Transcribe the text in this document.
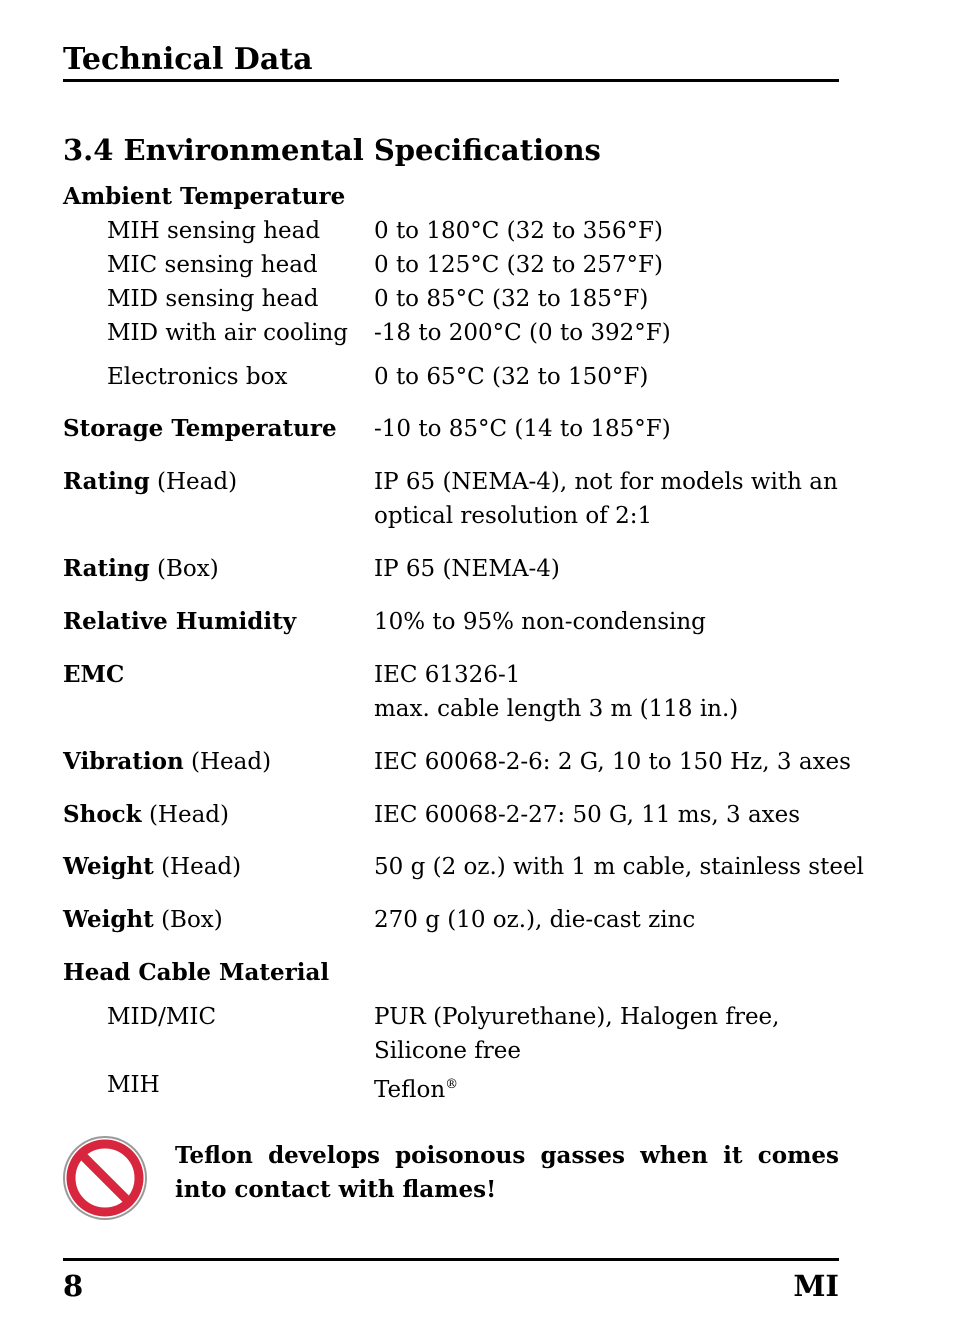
Technical Data
3.4 Environmental Specifications
Ambient Temperature
MIH sensing head 0 to 180°C (32 to 356°F)
MIC sensing head 0 to 125°C (32 to 257°F)
MID sensing head 0 to 85°C (32 to 185°F)
MID with air cooling -18 to 200°C (0 to 392°F)
Electronics box	0 to 65°C (32 to 150°F)
Storage Temperature -10 to 85°C (14 to 185°F)
Rating (Head)	IP 65 (NEMA-4), not for models with an
optical resolution of 2:1
Rating (Box)	IP 65 (NEMA-4)
Relative Humidity	10% to 95% non-condensing
EMC	IEC 61326-1
max. cable length 3 m (118 in.)
Vibration (Head)	IEC 60068-2-6: 2 G, 10 to 150 Hz, 3 axes
Shock (Head)	IEC 60068-2-27: 50 G, 11 ms, 3 axes
Weight (Head)	50 g (2 oz.) with 1 m cable, stainless steel
Weight (Box)	270 g (10 oz.), die-cast zinc
Head Cable Material
MID/MIC	PUR (Polyurethane), Halogen free,
Silicone free
MIH	Teflon®
Teflon develops poisonous gasses when it comes into contact with flames!
8	MI
